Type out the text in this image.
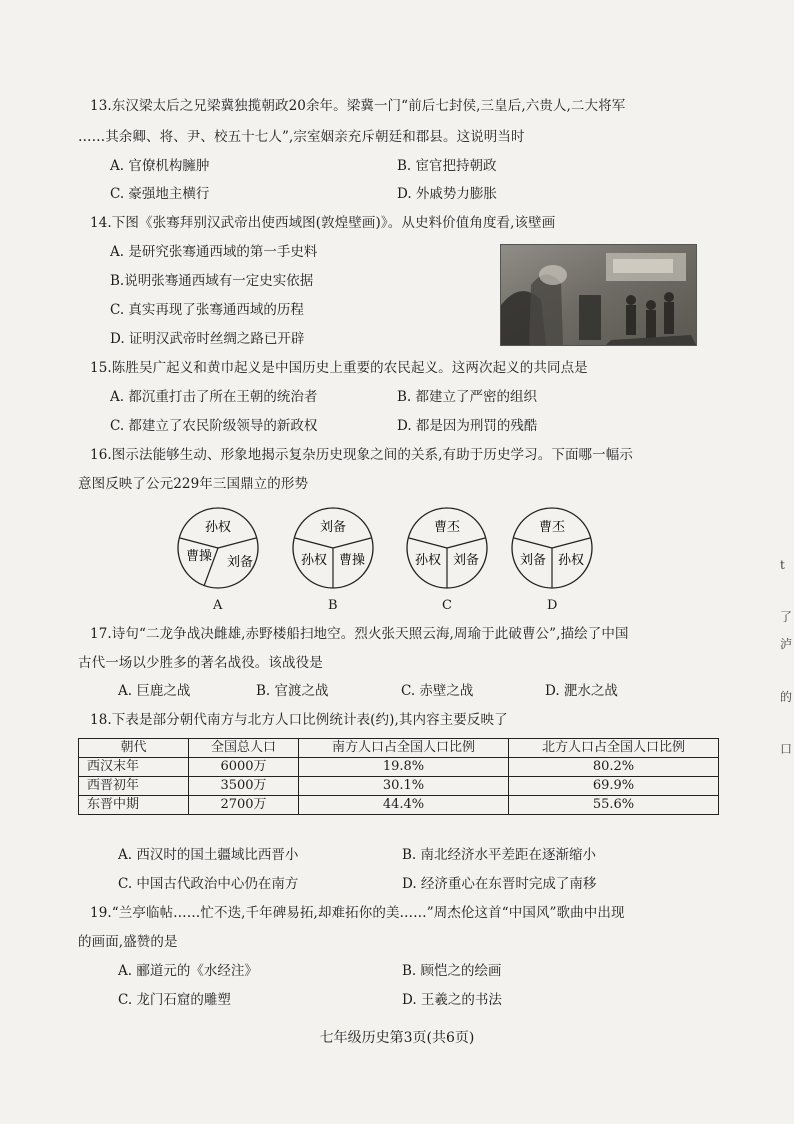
13.东汉梁太后之兄梁冀独揽朝政20余年。梁冀一门“前后七封侯,三皇后,六贵人,二大将军
……其余卿、将、尹、校五十七人”,宗室姻亲充斥朝廷和郡县。这说明当时
A. 官僚机构臃肿	B. 宦官把持朝政
C. 豪强地主横行	D. 外戚势力膨胀
14.下图《张骞拜别汉武帝出使西域图(敦煌壁画)》。从史料价值角度看,该壁画
A. 是研究张骞通西域的第一手史料
B.说明张骞通西域有一定史实依据
C. 真实再现了张骞通西域的历程
D. 证明汉武帝时丝绸之路已开辟
15.陈胜吴广起义和黄巾起义是中国历史上重要的农民起义。这两次起义的共同点是
A. 都沉重打击了所在王朝的统治者	B. 都建立了严密的组织
C. 都建立了农民阶级领导的新政权	D. 都是因为刑罚的残酷
16.图示法能够生动、形象地揭示复杂历史现象之间的关系,有助于历史学习。下面哪一幅示
意图反映了公元229年三国鼎立的形势
孙权
曹操 刘备
刘备
孙权 曹操
曹丕
孙权 刘备
曹丕
刘备 孙权
A	B	C	D
17.诗句“二龙争战决雌雄,赤野楼船扫地空。烈火张天照云海,周瑜于此破曹公”,描绘了中国
古代一场以少胜多的著名战役。该战役是
A. 巨鹿之战	B. 官渡之战	C. 赤壁之战	D. 淝水之战
18.下表是部分朝代南方与北方人口比例统计表(约),其内容主要反映了
朝代	全国总人口	南方人口占全国人口比例	北方人口占全国人口比例
西汉末年	6000万	19.8%	80.2%
西晋初年	3500万	30.1%	69.9%
东晋中期	2700万	44.4%	55.6%
A. 西汉时的国土疆域比西晋小	B. 南北经济水平差距在逐渐缩小
C. 中国古代政治中心仍在南方	D. 经济重心在东晋时完成了南移
19.“兰亭临帖……忙不迭,千年碑易拓,却难拓你的美……”周杰伦这首“中国风”歌曲中出现
的画面,盛赞的是
A. 郦道元的《水经注》	B. 顾恺之的绘画
C. 龙门石窟的雕塑	D. 王羲之的书法
七年级历史第3页(共6页)
t
了
泸
的
口
